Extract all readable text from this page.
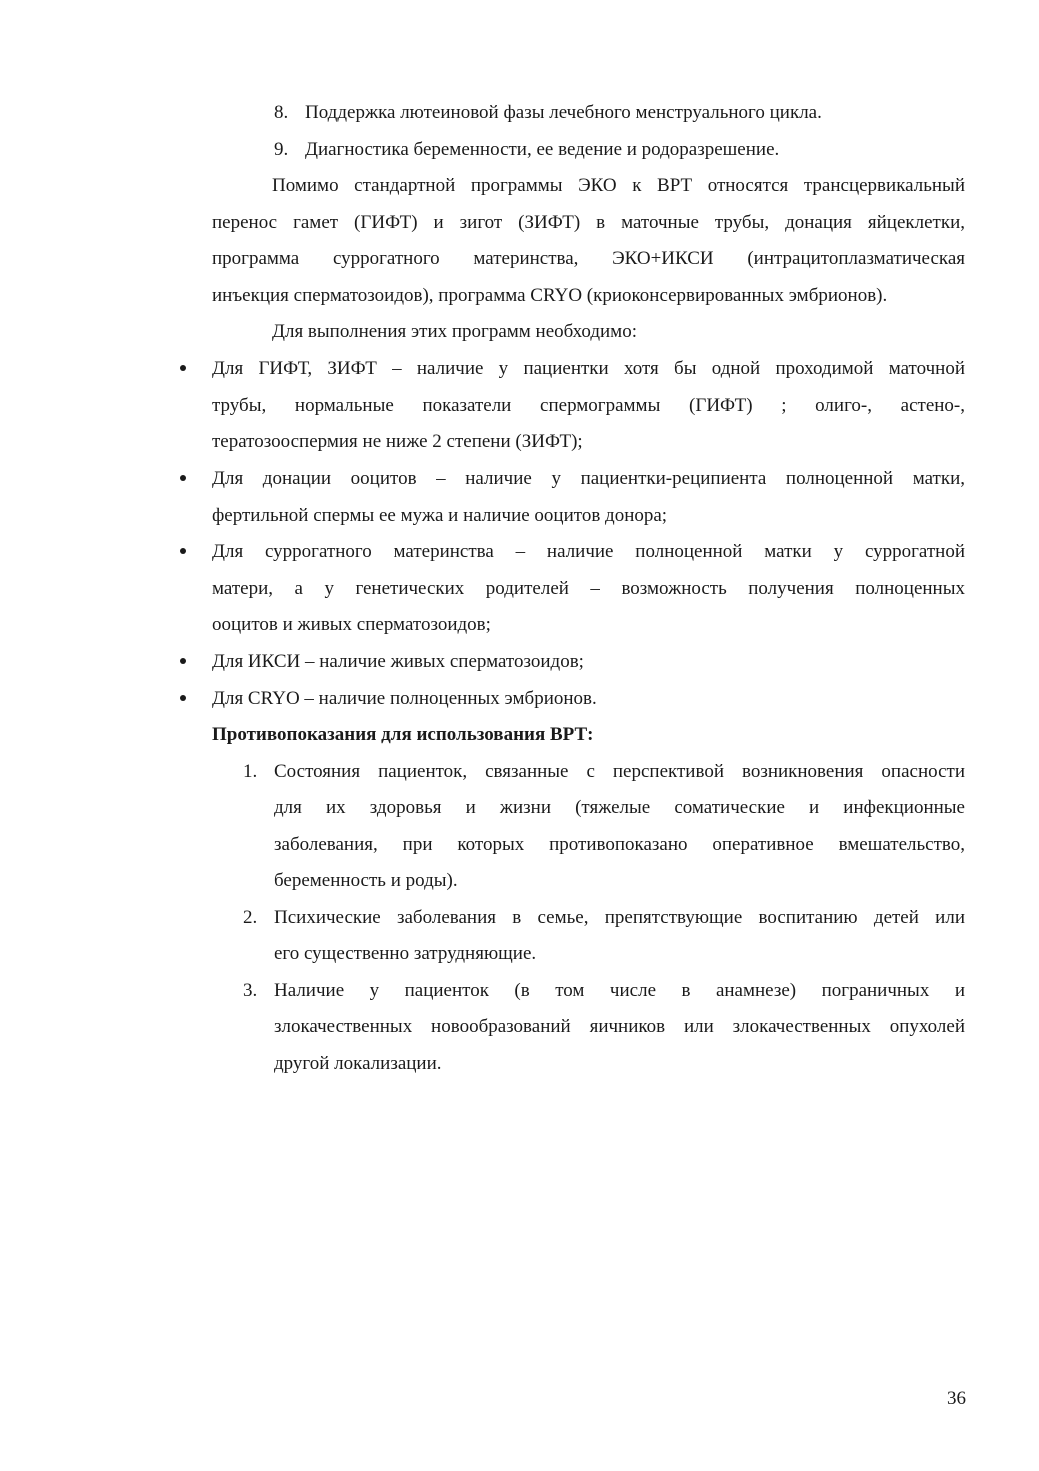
8. Поддержка лютеиновой фазы лечебного менструального цикла.

9. Диагностика беременности, ее ведение и родоразрешение.

Помимо стандартной программы ЭКО к ВРТ относятся трансцервикальный

перенос гамет (ГИФТ) и зигот (ЗИФТ) в маточные трубы, донация яйцеклетки,

программа суррогатного материнства, ЭКО+ИКСИ (интрацитоплазматическая

инъекция сперматозоидов), программа CRYO (криоконсервированных эмбрионов).

Для выполнения этих программ необходимо:

Для ГИФТ, ЗИФТ – наличие у пациентки хотя бы одной проходимой маточной

трубы, нормальные показатели спермограммы (ГИФТ) ; олиго-, астено-,

тератозооспермия не ниже 2 степени (ЗИФТ);

Для донации ооцитов – наличие у пациентки-реципиента полноценной матки,

фертильной спермы ее мужа и наличие ооцитов донора;

Для суррогатного материнства – наличие полноценной матки у суррогатной

матери, а у генетических родителей – возможность получения полноценных

ооцитов и живых сперматозоидов;

Для ИКСИ – наличие живых сперматозоидов;

Для CRYO – наличие полноценных эмбрионов.

Противопоказания для использования ВРТ:

1. Состояния пациенток, связанные с перспективой возникновения опасности

для их здоровья и жизни (тяжелые соматические и инфекционные

заболевания, при которых противопоказано оперативное вмешательство,

беременность и роды).

2. Психические заболевания в семье, препятствующие воспитанию детей или

его существенно затрудняющие.

3. Наличие у пациенток (в том числе в анамнезе) пограничных и

злокачественных новообразований яичников или злокачественных опухолей

другой локализации.

36
